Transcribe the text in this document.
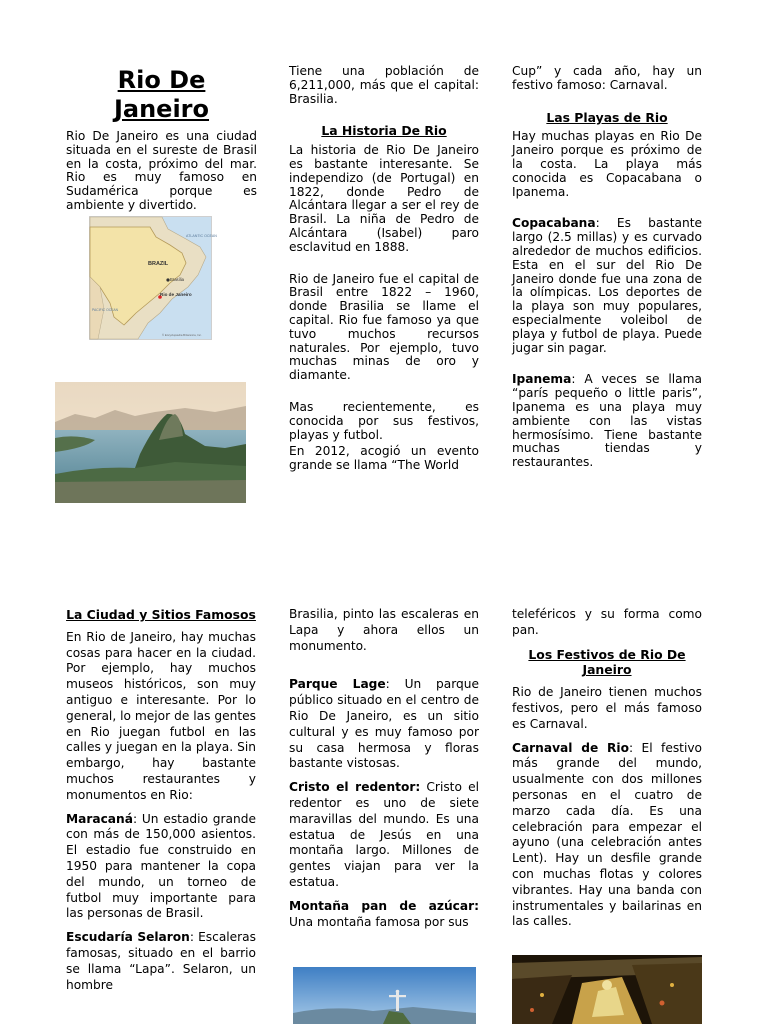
Rio De Janeiro

Rio De Janeiro es una ciudad situada en el sureste de Brasil en la costa, próximo del mar. Rio es muy famoso en Sudamérica porque es ambiente y divertido.

BRAZIL
Brasília
Rio de Janeiro
ATLANTIC OCEAN
PACIFIC OCEAN
© Encyclopædia Britannica, Inc.

Tiene una población de 6,211,000, más que el capital: Brasilia.

La Historia De Rio

La historia de Rio De Janeiro es bastante interesante. Se independizo (de Portugal) en 1822, donde Pedro de Alcántara llegar a ser el rey de Brasil. La niña de Pedro de Alcántara (Isabel) paro esclavitud en 1888.

Rio de Janeiro fue el capital de Brasil entre 1822 – 1960, donde Brasilia se llame el capital. Rio fue famoso ya que tuvo muchos recursos naturales. Por ejemplo, tuvo muchas minas de oro y diamante.

Mas recientemente, es conocida por sus festivos, playas y futbol.

En 2012, acogió un evento grande se llama “The World

Cup” y cada año, hay un festivo famoso: Carnaval.

Las Playas de Rio

Hay muchas playas en Rio De Janeiro porque es próximo de la costa. La playa más conocida es Copacabana o Ipanema.

Copacabana: Es bastante largo (2.5 millas) y es curvado alrededor de muchos edificios. Esta en el sur del Rio De Janeiro donde fue una zona de la olímpicas. Los deportes de la playa son muy populares, especialmente voleibol de playa y futbol de playa. Puede jugar sin pagar.

Ipanema: A veces se llama “parís pequeño o little paris”, Ipanema es una playa muy ambiente con las vistas hermosísimo. Tiene bastante muchas tiendas y restaurantes.

La Ciudad y Sitios Famosos

En Rio de Janeiro, hay muchas cosas para hacer en la ciudad. Por ejemplo, hay muchos museos históricos, son muy antiguo e interesante. Por lo general, lo mejor de las gentes en Rio juegan futbol en las calles y juegan en la playa. Sin embargo, hay bastante muchos restaurantes y monumentos en Rio:

Maracaná: Un estadio grande con más de 150,000 asientos. El estadio fue construido en 1950 para mantener la copa del mundo, un torneo de futbol muy importante para las personas de Brasil.

Escudaría Selaron: Escaleras famosas, situado en el barrio se llama “Lapa”. Selaron, un hombre

Brasilia, pinto las escaleras en Lapa y ahora ellos un monumento.

Parque Lage: Un parque público situado en el centro de Rio De Janeiro, es un sitio cultural y es muy famoso por su casa hermosa y floras bastante vistosas.

Cristo el redentor: Cristo el redentor es uno de siete maravillas del mundo. Es una estatua de Jesús en una montaña largo. Millones de gentes viajan para ver la estatua.

Montaña pan de azúcar: Una montaña famosa por sus

teleféricos y su forma como pan.

Los Festivos de Rio De Janeiro

Rio de Janeiro tienen muchos festivos, pero el más famoso es Carnaval.

Carnaval de Rio: El festivo más grande del mundo, usualmente con dos millones personas en el cuatro de marzo cada día. Es una celebración para empezar el ayuno (una celebración antes Lent). Hay un desfile grande con muchas flotas y colores vibrantes. Hay una banda con instrumentales y bailarinas en las calles.
